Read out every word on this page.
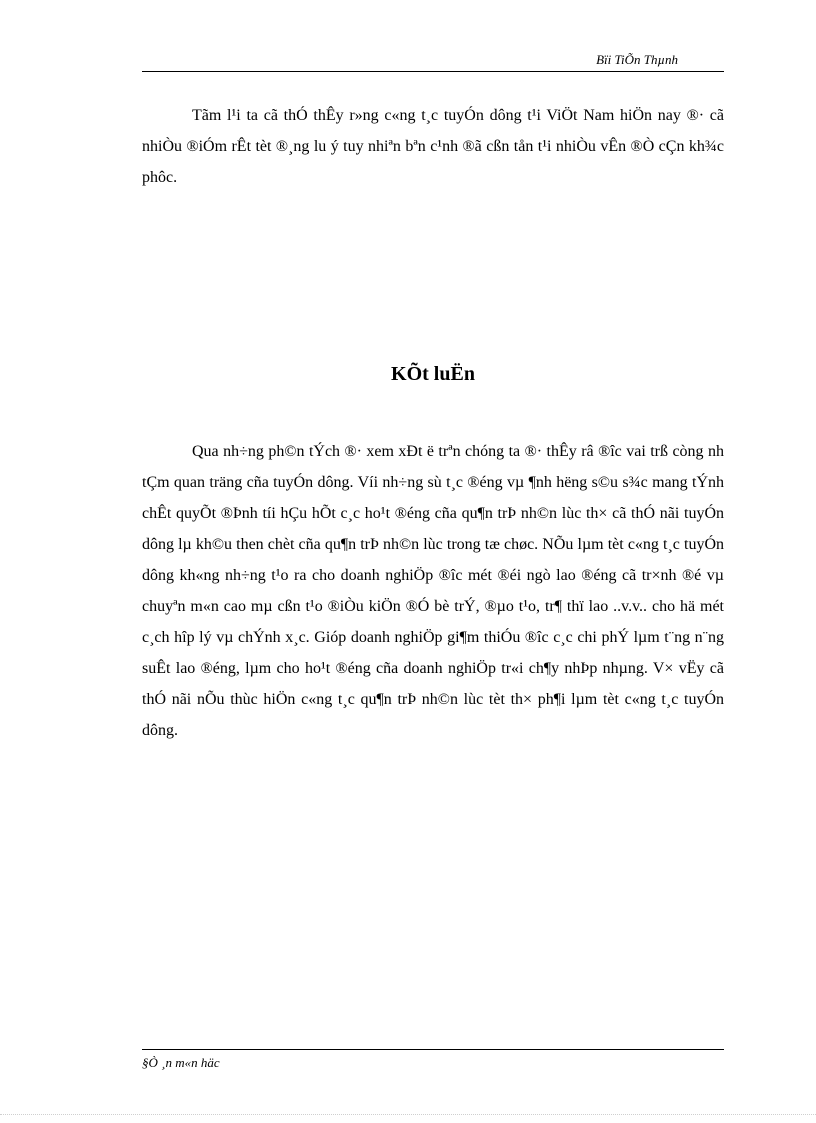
Bïi TiÕn Thµnh

Tãm l¹i ta cã thÓ thÊy r»ng c«ng t¸c tuyÓn dông t¹i ViÖt Nam hiÖn nay ®· cã nhiÒu ®iÓm rÊt tèt ®¸ng lu ý tuy nhiªn bªn c¹nh ®ã cßn tån t¹i nhiÒu vÊn ®Ò cÇn kh¾c phôc.

KÕt luËn

Qua nh÷ng ph©n tÝch ®· xem xÐt ë trªn chóng ta ®· thÊy râ ®îc vai trß còng nh tÇm quan träng cña tuyÓn dông. Víi nh÷ng sù t¸c ®éng vµ ¶nh hëng s©u s¾c mang tÝnh chÊt quyÕt ®Þnh tíi hÇu hÕt c¸c ho¹t ®éng cña qu¶n trÞ nh©n lùc th× cã thÓ nãi tuyÓn dông lµ kh©u then chèt cña qu¶n trÞ nh©n lùc trong tæ chøc. NÕu lµm tèt c«ng t¸c tuyÓn dông kh«ng nh÷ng t¹o ra cho doanh nghiÖp ®îc mét ®éi ngò lao ®éng cã tr×nh ®é vµ chuyªn m«n cao mµ cßn t¹o ®iÒu kiÖn ®Ó bè trÝ, ®µo t¹o, tr¶ thï lao ..v.v.. cho hä mét c¸ch hîp lý vµ chÝnh x¸c. Gióp doanh nghiÖp gi¶m thiÓu ®îc c¸c chi phÝ lµm t¨ng n¨ng suÊt lao ®éng, lµm cho ho¹t ®éng cña doanh nghiÖp tr«i ch¶y nhÞp nhµng. V× vËy cã thÓ nãi nÕu thùc hiÖn c«ng t¸c qu¶n trÞ nh©n lùc tèt th× ph¶i lµm tèt c«ng t¸c tuyÓn dông.

§Ò ¸n m«n häc
